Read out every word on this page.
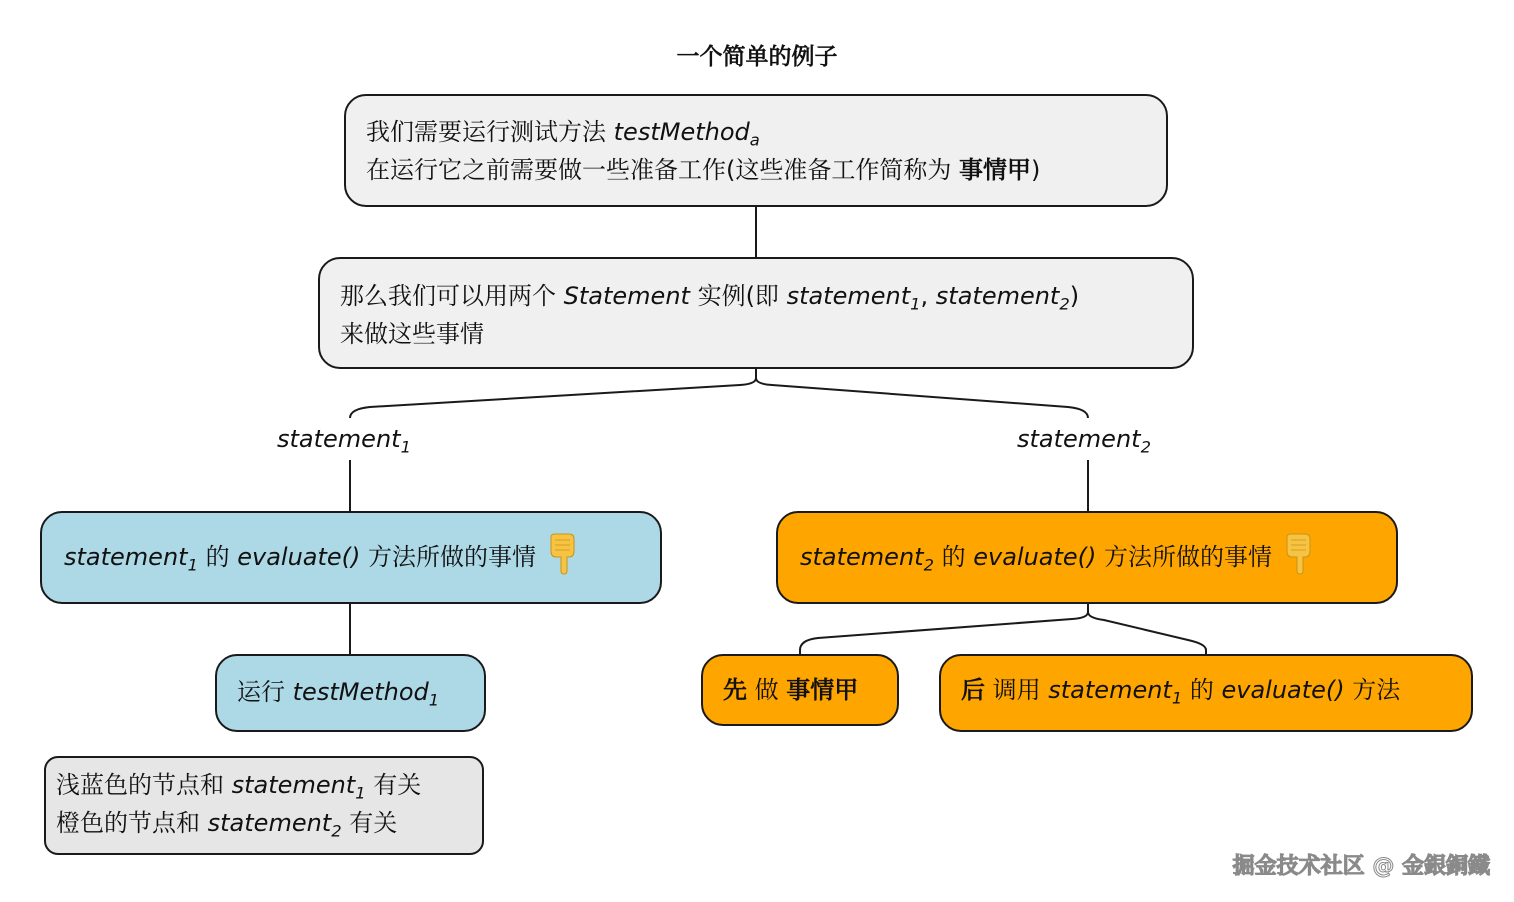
一个简单的例子
我们需要运行测试方法 testMethod$_a$
在运行它之前需要做一些准备工作(这些准备工作简称为 事情甲)
那么我们可以用两个 Statement 实例(即 statement$_1$, statement$_2$)
来做这些事情
statement$_1$	statement$_2$
statement$_1$ 的 evaluate() 方法所做的事情	statement$_2$ 的 evaluate() 方法所做的事情
运行 testMethod$_1$	先 做 事情甲	后 调用 statement$_1$ 的 evaluate() 方法
浅蓝色的节点和 statement$_1$ 有关
橙色的节点和 statement$_2$ 有关
掘金技术社区 @ 金銀銅鐵
